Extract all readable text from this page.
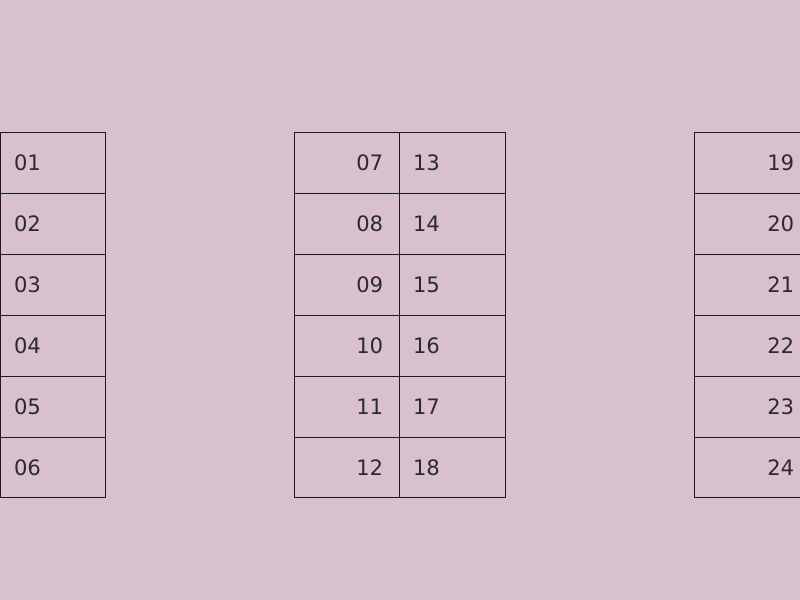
01
02
03
04
05
06
07
08
09
10
11
12
13
14
15
16
17
18
19
20
21
22
23
24
